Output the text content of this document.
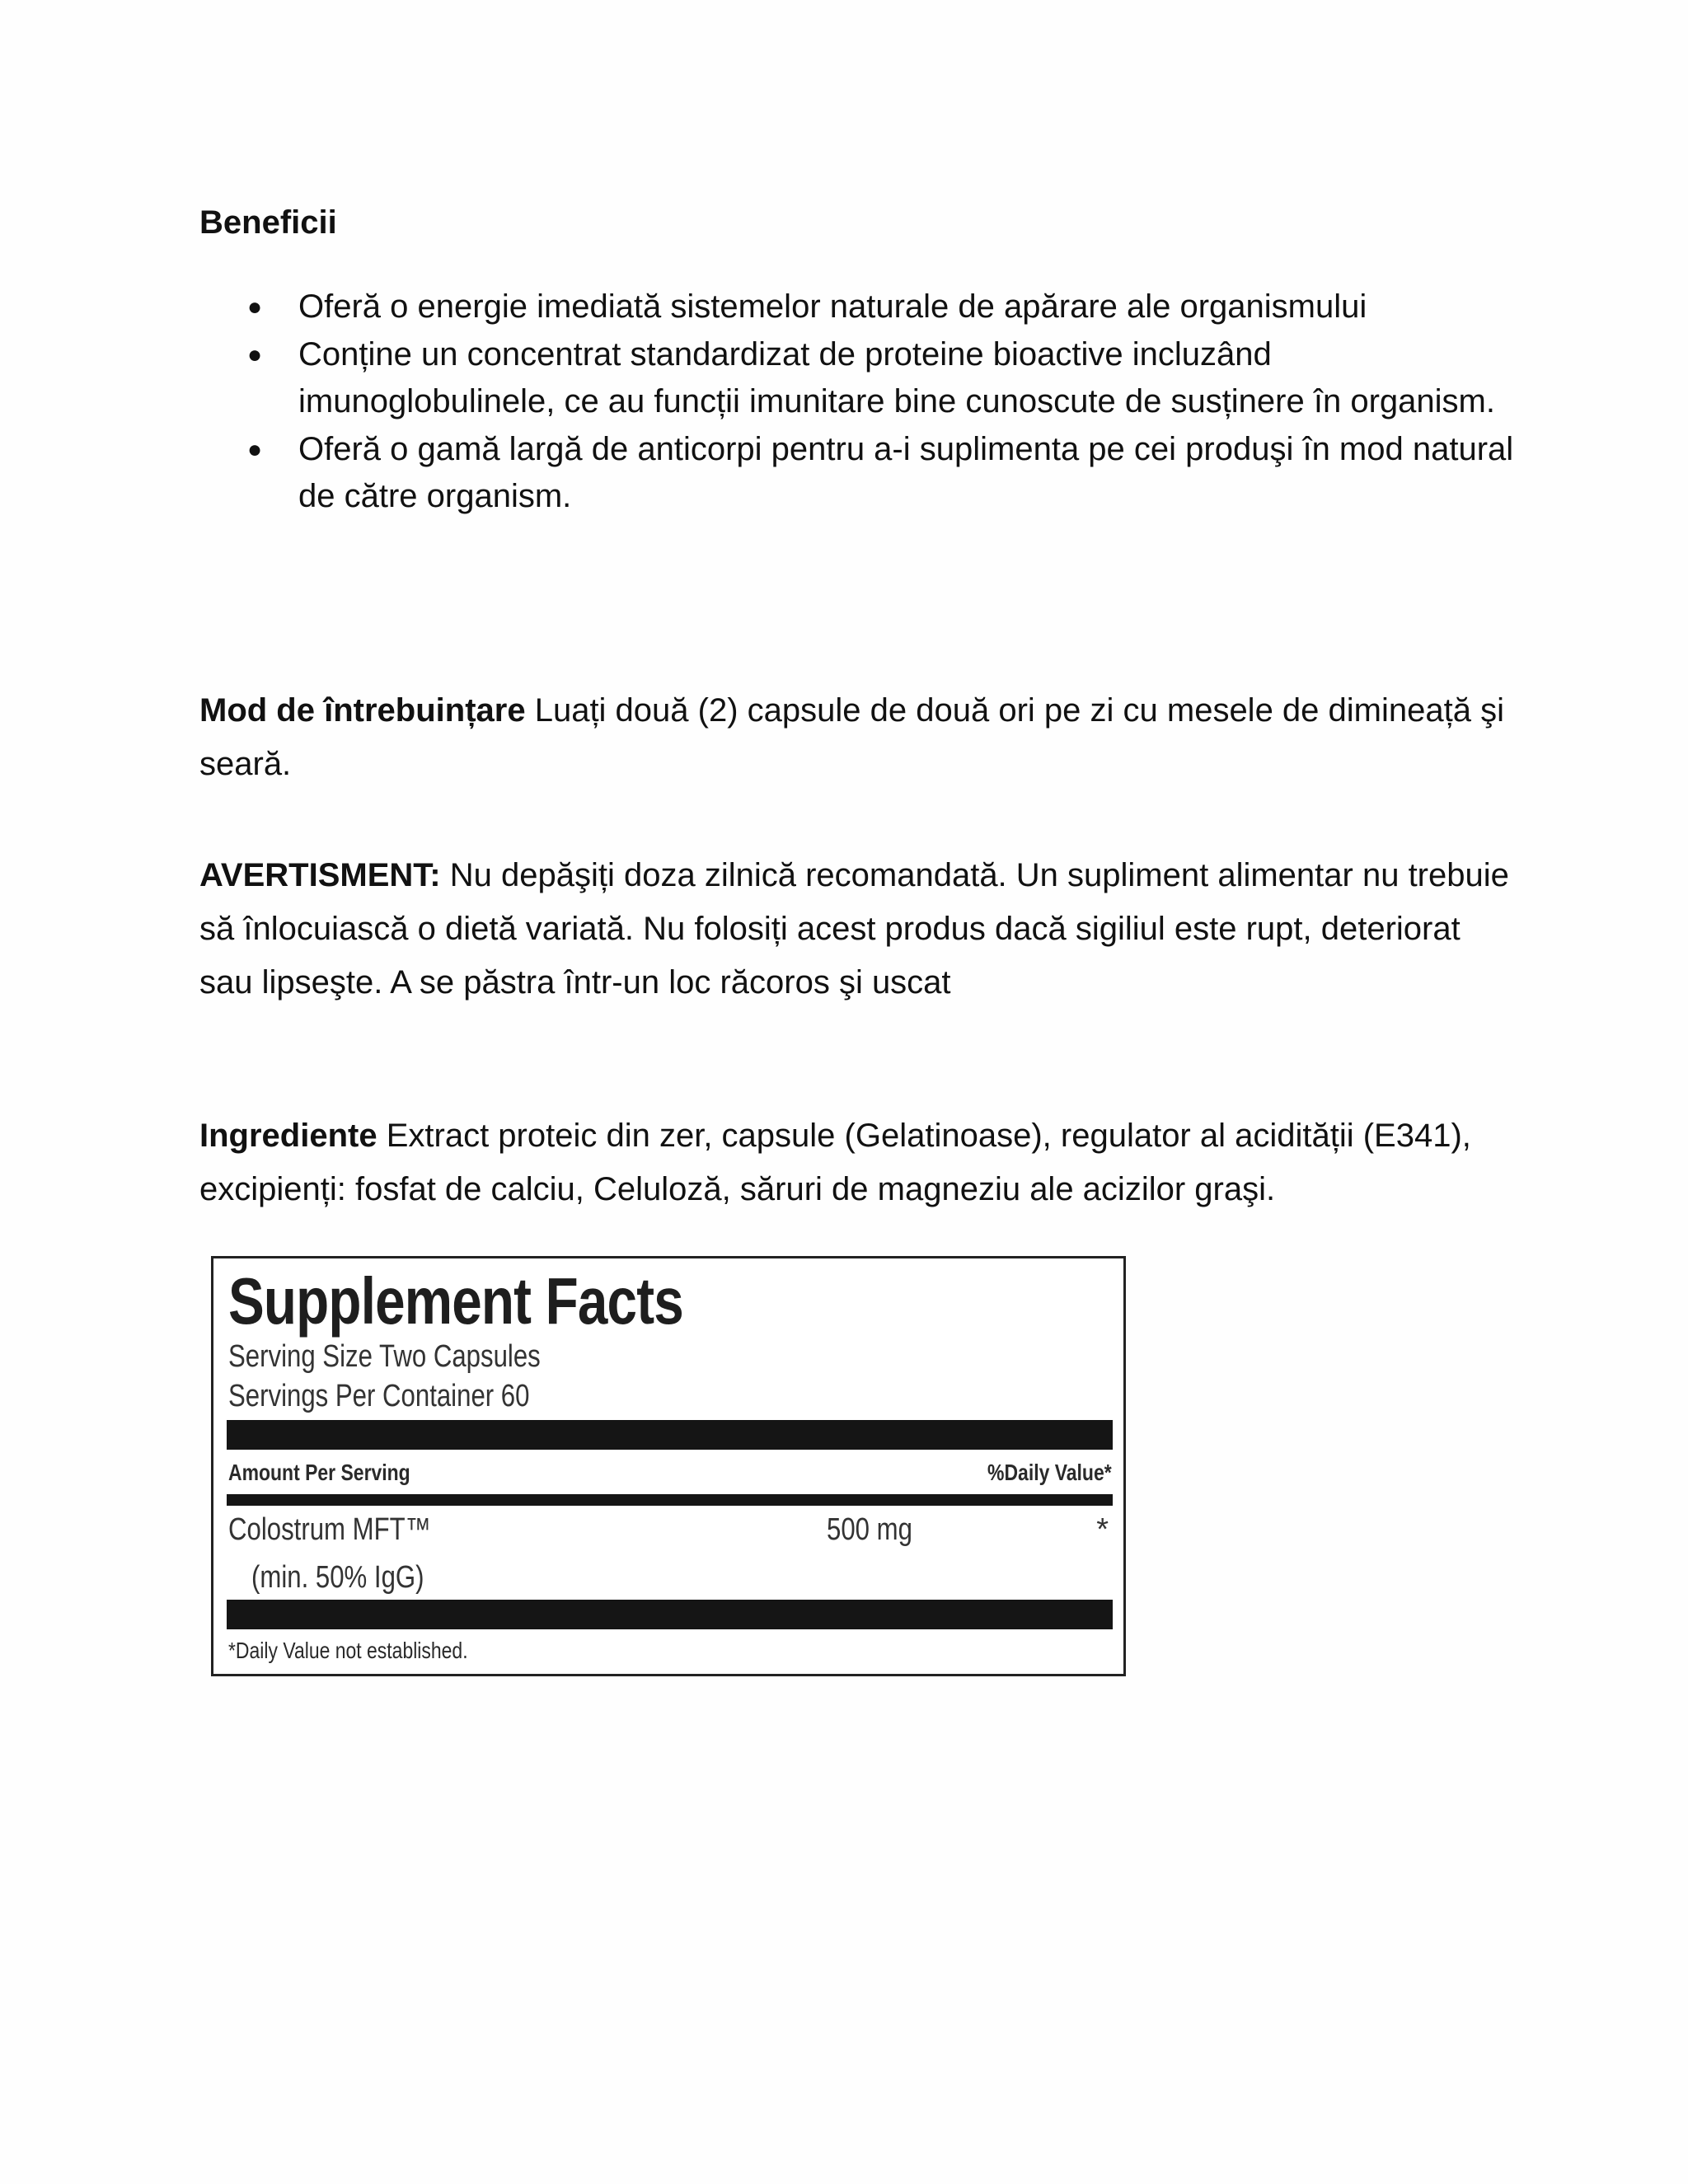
Beneficii
● Oferă o energie imediată sistemelor naturale de apărare ale organismului
● Conține un concentrat standardizat de proteine bioactive incluzând imunoglobulinele, ce au funcții imunitare bine cunoscute de susținere în organism.
● Oferă o gamă largă de anticorpi pentru a-i suplimenta pe cei produşi în mod natural de către organism.

Mod de întrebuințare Luați două (2) capsule de două ori pe zi cu mesele de dimineață şi seară.

AVERTISMENT: Nu depăşiți doza zilnică recomandată. Un supliment alimentar nu trebuie să înlocuiască o dietă variată. Nu folosiți acest produs dacă sigiliul este rupt, deteriorat sau lipseşte. A se păstra într-un loc răcoros şi uscat

Ingrediente Extract proteic din zer, capsule (Gelatinoase), regulator al acidității (E341), excipienți: fosfat de calciu, Celuloză, săruri de magneziu ale acizilor graşi.

Supplement Facts
Serving Size Two Capsules
Servings Per Container 60
Amount Per Serving	%Daily Value*
Colostrum MFT™	500 mg	*
(min. 50% IgG)
*Daily Value not established.
